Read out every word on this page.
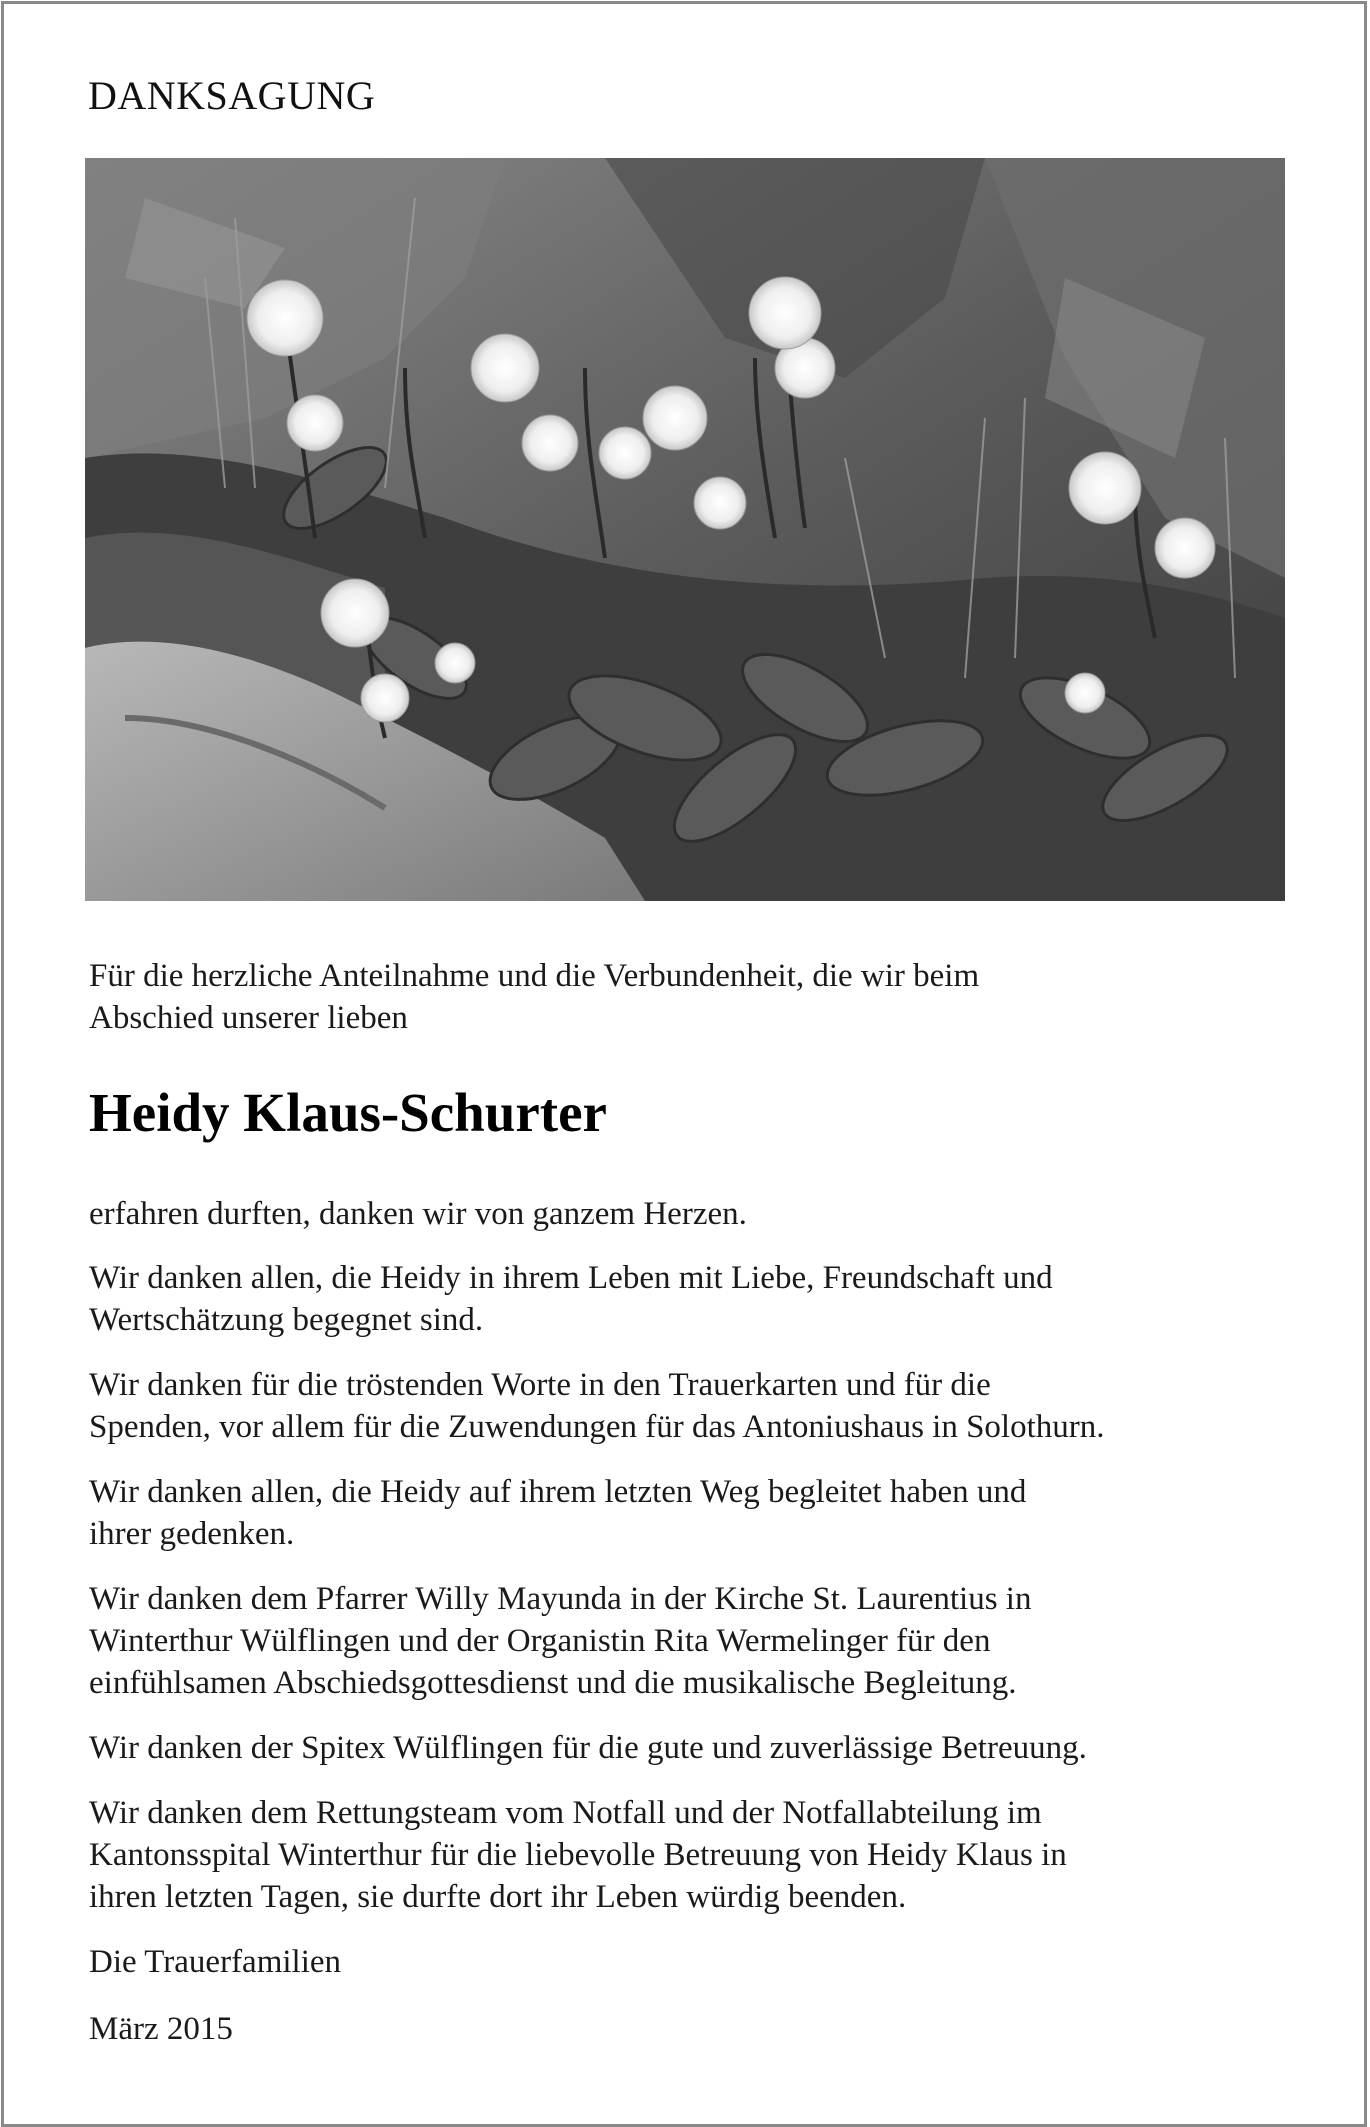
DANKSAGUNG

Für die herzliche Anteilnahme und die Verbundenheit, die wir beim
Abschied unserer lieben

Heidy Klaus-Schurter

erfahren durften, danken wir von ganzem Herzen.

Wir danken allen, die Heidy in ihrem Leben mit Liebe, Freundschaft und
Wertschätzung begegnet sind.

Wir danken für die tröstenden Worte in den Trauerkarten und für die
Spenden, vor allem für die Zuwendungen für das Antoniushaus in Solothurn.

Wir danken allen, die Heidy auf ihrem letzten Weg begleitet haben und
ihrer gedenken.

Wir danken dem Pfarrer Willy Mayunda in der Kirche St. Laurentius in
Winterthur Wülflingen und der Organistin Rita Wermelinger für den
einfühlsamen Abschiedsgottesdienst und die musikalische Begleitung.

Wir danken der Spitex Wülflingen für die gute und zuverlässige Betreuung.

Wir danken dem Rettungsteam vom Notfall und der Notfallabteilung im
Kantonsspital Winterthur für die liebevolle Betreuung von Heidy Klaus in
ihren letzten Tagen, sie durfte dort ihr Leben würdig beenden.

Die Trauerfamilien

März 2015
